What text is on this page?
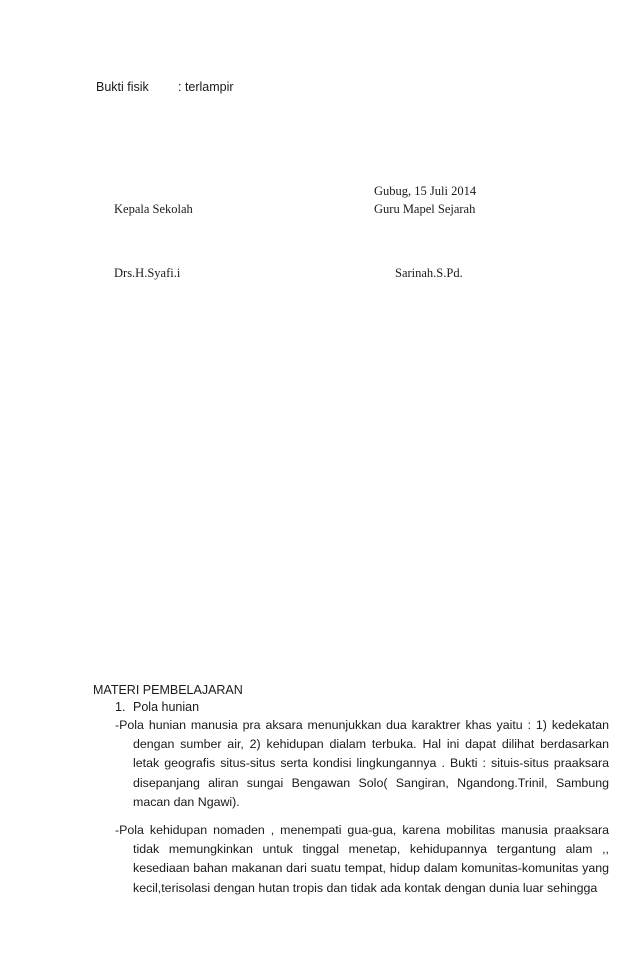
Bukti fisik : terlampir
Gubug, 15 Juli 2014
Kepala Sekolah	Guru Mapel Sejarah
Drs.H.Syafi.i	Sarinah.S.Pd.
MATERI PEMBELAJARAN
1. Pola hunian
-Pola hunian manusia pra aksara menunjukkan dua karaktrer khas yaitu : 1) kedekatan dengan sumber air, 2) kehidupan dialam terbuka. Hal ini dapat dilihat berdasarkan letak geografis situs-situs serta kondisi lingkungannya . Bukti : situis-situs praaksara disepanjang aliran sungai Bengawan Solo( Sangiran, Ngandong.Trinil, Sambung macan dan Ngawi).
-Pola kehidupan nomaden , menempati gua-gua, karena mobilitas manusia praaksara tidak memungkinkan untuk tinggal menetap, kehidupannya tergantung alam ,, kesediaan bahan makanan dari suatu tempat, hidup dalam komunitas-komunitas yang kecil,terisolasi dengan hutan tropis dan tidak ada kontak dengan dunia luar sehingga
